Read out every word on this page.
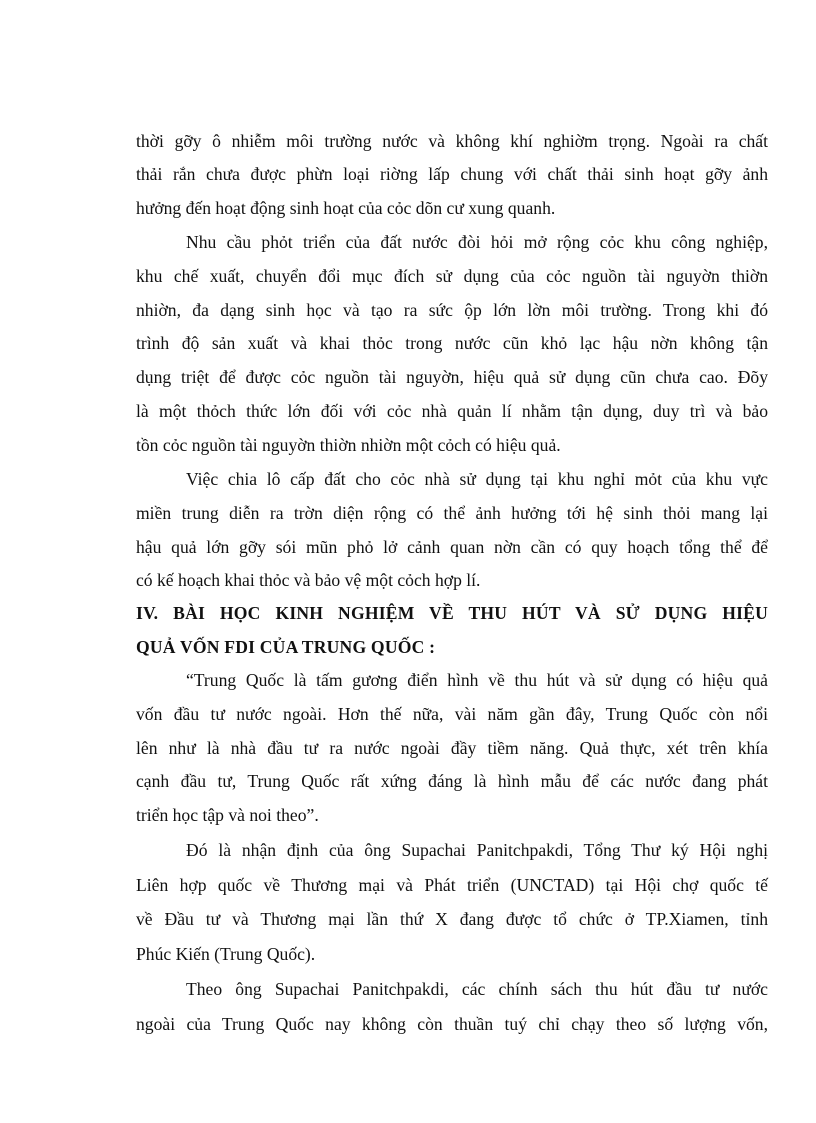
thời gỡy ô nhiễm môi trường nước và không khí nghiờm trọng. Ngoài ra chất
thải rắn chưa được phừn loại riờng lấp chung với chất thải sinh hoạt gỡy ảnh
hưởng đến hoạt động sinh hoạt của cỏc dõn cư xung quanh.
Nhu cầu phỏt triển của đất nước đòi hỏi mở rộng cỏc khu công nghiệp,
khu chế xuất, chuyển đổi mục đích sử dụng của cỏc nguồn tài nguyờn thiờn
nhiờn, đa dạng sinh học và tạo ra sức ộp lớn lờn môi trường. Trong khi đó
trình độ sản xuất và khai thỏc trong nước cũn khỏ lạc hậu nờn không tận
dụng triệt để được cỏc nguồn tài nguyờn, hiệu quả sử dụng cũn chưa cao. Đõy
là một thỏch thức lớn đối với cỏc nhà quản lí nhằm tận dụng, duy trì và bảo
tồn cỏc nguồn tài nguyờn thiờn nhiờn một cỏch có hiệu quả.
Việc chia lô cấp đất cho cỏc nhà sử dụng tại khu nghỉ mỏt của khu vực
miền trung diễn ra trờn diện rộng có thể ảnh hưởng tới hệ sinh thỏi mang lại
hậu quả lớn gỡy sói mũn phỏ lở cảnh quan nờn cần có quy hoạch tổng thể để
có kế hoạch khai thỏc và bảo vệ một cỏch hợp lí.
IV. BÀI HỌC KINH NGHIỆM VỀ THU HÚT VÀ SỬ DỤNG HIỆU
QUẢ VỐN FDI CỦA TRUNG QUỐC :
“Trung Quốc là tấm gương điển hình về thu hút và sử dụng có hiệu quả
vốn đầu tư nước ngoài. Hơn thế nữa, vài năm gần đây, Trung Quốc còn nổi
lên như là nhà đầu tư ra nước ngoài đầy tiềm năng. Quả thực, xét trên khía
cạnh đầu tư, Trung Quốc rất xứng đáng là hình mẫu để các nước đang phát
triển học tập và noi theo”.
Đó là nhận định của ông Supachai Panitchpakdi, Tổng Thư ký Hội nghị
Liên hợp quốc về Thương mại và Phát triển (UNCTAD) tại Hội chợ quốc tế
về Đầu tư và Thương mại lần thứ X đang được tổ chức ở TP.Xiamen, tỉnh
Phúc Kiến (Trung Quốc).
Theo ông Supachai Panitchpakdi, các chính sách thu hút đầu tư nước
ngoài của Trung Quốc nay không còn thuần tuý chỉ chạy theo số lượng vốn,
